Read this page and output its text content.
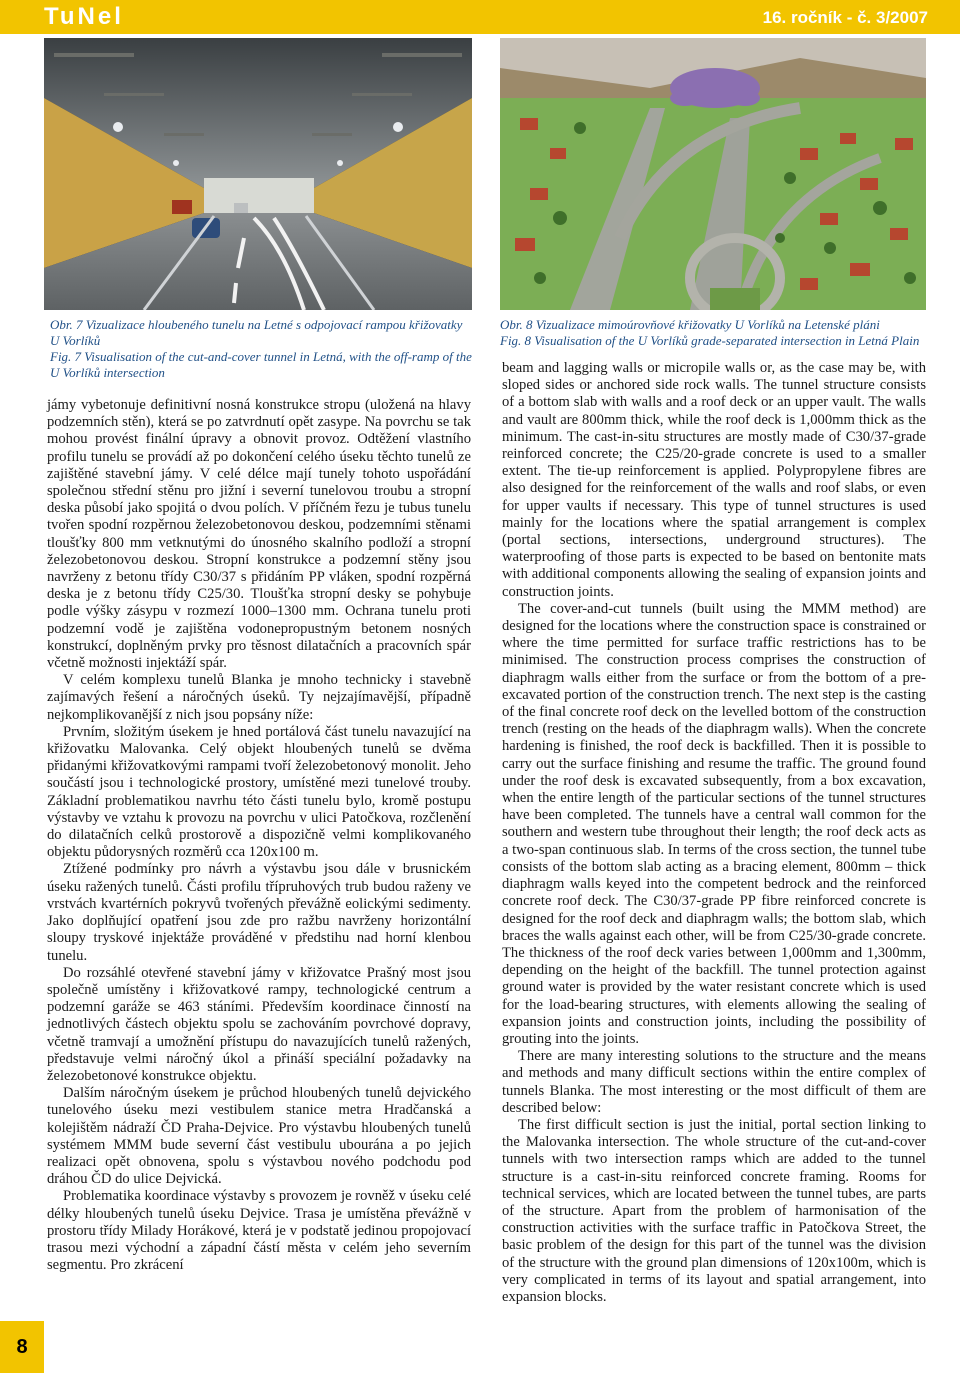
TuNel	16. ročník - č. 3/2007
Obr. 7 Vizualizace hloubeného tunelu na Letné s odpojovací rampou křižovatky U Vorlíků
Fig. 7 Visualisation of the cut-and-cover tunnel in Letná, with the off-ramp of the U Vorlíků intersection
Obr. 8 Vizualizace mimoúrovňové křižovatky U Vorlíků na Letenské pláni
Fig. 8 Visualisation of the U Vorlíků grade-separated intersection in Letná Plain

jámy vybetonuje definitivní nosná konstrukce stropu (uložená na hlavy podzemních stěn), která se po zatvrdnutí opět zasype. Na povrchu se tak mohou provést finální úpravy a obnovit provoz. Odtěžení vlastního profilu tunelu se provádí až po dokončení celého úseku těchto tunelů ze zajištěné stavební jámy. V celé délce mají tunely tohoto uspořádání společnou střední stěnu pro jižní i severní tunelovou troubu a stropní deska působí jako spojitá o dvou polích. V příčném řezu je tubus tunelu tvořen spodní rozpěrnou železobetonovou deskou, podzemními stěnami tloušťky 800 mm vetknutými do únosného skalního podloží a stropní železobetonovou deskou. Stropní konstrukce a podzemní stěny jsou navrženy z betonu třídy C30/37 s přidáním PP vláken, spodní rozpěrná deska je z betonu třídy C25/30. Tloušťka stropní desky se pohybuje podle výšky zásypu v rozmezí 1000–1300 mm. Ochrana tunelu proti podzemní vodě je zajištěna vodonepropustným betonem nosných konstrukcí, doplněným prvky pro těsnost dilatačních a pracovních spár včetně možnosti injektáží spár.

V celém komplexu tunelů Blanka je mnoho technicky i stavebně zajímavých řešení a náročných úseků. Ty nejzajímavější, případně nejkomplikovanější z nich jsou popsány níže:

Prvním, složitým úsekem je hned portálová část tunelu navazující na křižovatku Malovanka. Celý objekt hloubených tunelů se dvěma přidanými křižovatkovými rampami tvoří železobetonový monolit. Jeho součástí jsou i technologické prostory, umístěné mezi tunelové trouby. Základní problematikou navrhu této části tunelu bylo, kromě postupu výstavby ve vztahu k provozu na povrchu v ulici Patočkova, rozčlenění do dilatačních celků prostorově a dispozičně velmi komplikovaného objektu půdorysných rozměrů cca 120x100 m.

Ztížené podmínky pro návrh a výstavbu jsou dále v brusnickém úseku ražených tunelů. Části profilu třípruhových trub budou raženy ve vrstvách kvartérních pokryvů tvořených převážně eolickými sedimenty. Jako doplňující opatření jsou zde pro ražbu navrženy horizontální sloupy tryskové injektáže prováděné v předstihu nad horní klenbou tunelu.

Do rozsáhlé otevřené stavební jámy v křižovatce Prašný most jsou společně umístěny i křižovatkové rampy, technologické centrum a podzemní garáže se 463 stáními. Především koordinace činností na jednotlivých částech objektu spolu se zachováním povrchové dopravy, včetně tramvají a umožnění přístupu do navazujících tunelů ražených, představuje velmi náročný úkol a přináší speciální požadavky na železobetonové konstrukce objektu.

Dalším náročným úsekem je průchod hloubených tunelů dejvického tunelového úseku mezi vestibulem stanice metra Hradčanská a kolejištěm nádraží ČD Praha-Dejvice. Pro výstavbu hloubených tunelů systémem MMM bude severní část vestibulu ubourána a po jejich realizaci opět obnovena, spolu s výstavbou nového podchodu pod dráhou ČD do ulice Dejvická.

Problematika koordinace výstavby s provozem je rovněž v úseku celé délky hloubených tunelů úseku Dejvice. Trasa je umístěna převážně v prostoru třídy Milady Horákové, která je v podstatě jedinou propojovací trasou mezi východní a západní částí města v celém jeho severním segmentu. Pro zkrácení

beam and lagging walls or micropile walls or, as the case may be, with sloped sides or anchored side rock walls. The tunnel structure consists of a bottom slab with walls and a roof deck or an upper vault. The walls and vault are 800mm thick, while the roof deck is 1,000mm thick as the minimum. The cast-in-situ structures are mostly made of C30/37-grade reinforced concrete; the C25/20-grade concrete is used to a smaller extent. The tie-up reinforcement is applied. Polypropylene fibres are also designed for the reinforcement of the walls and roof slabs, or even for upper vaults if necessary. This type of tunnel structures is used mainly for the locations where the spatial arrangement is complex (portal sections, intersections, underground structures). The waterproofing of those parts is expected to be based on bentonite mats with additional components allowing the sealing of expansion joints and construction joints.

The cover-and-cut tunnels (built using the MMM method) are designed for the locations where the construction space is constrained or where the time permitted for surface traffic restrictions has to be minimised. The construction process comprises the construction of diaphragm walls either from the surface or from the bottom of a pre-excavated portion of the construction trench. The next step is the casting of the final concrete roof deck on the levelled bottom of the construction trench (resting on the heads of the diaphragm walls). When the concrete hardening is finished, the roof deck is backfilled. Then it is possible to carry out the surface finishing and resume the traffic. The ground found under the roof desk is excavated subsequently, from a box excavation, when the entire length of the particular sections of the tunnel structures have been completed. The tunnels have a central wall common for the southern and western tube throughout their length; the roof deck acts as a two-span continuous slab. In terms of the cross section, the tunnel tube consists of the bottom slab acting as a bracing element, 800mm – thick diaphragm walls keyed into the competent bedrock and the reinforced concrete roof deck. The C30/37-grade PP fibre reinforced concrete is designed for the roof deck and diaphragm walls; the bottom slab, which braces the walls against each other, will be from C25/30-grade concrete. The thickness of the roof deck varies between 1,000mm and 1,300mm, depending on the height of the backfill. The tunnel protection against ground water is provided by the water resistant concrete which is used for the load-bearing structures, with elements allowing the sealing of expansion joints and construction joints, including the possibility of grouting into the joints.

There are many interesting solutions to the structure and the means and methods and many difficult sections within the entire complex of tunnels Blanka. The most interesting or the most difficult of them are described below:

The first difficult section is just the initial, portal section linking to the Malovanka intersection. The whole structure of the cut-and-cover tunnels with two intersection ramps which are added to the tunnel structure is a cast-in-situ reinforced concrete framing. Rooms for technical services, which are located between the tunnel tubes, are parts of the structure. Apart from the problem of harmonisation of the construction activities with the surface traffic in Patočkova Street, the basic problem of the design for this part of the tunnel was the division of the structure with the ground plan dimensions of 120x100m, which is very complicated in terms of its layout and spatial arrangement, into expansion blocks.

8
